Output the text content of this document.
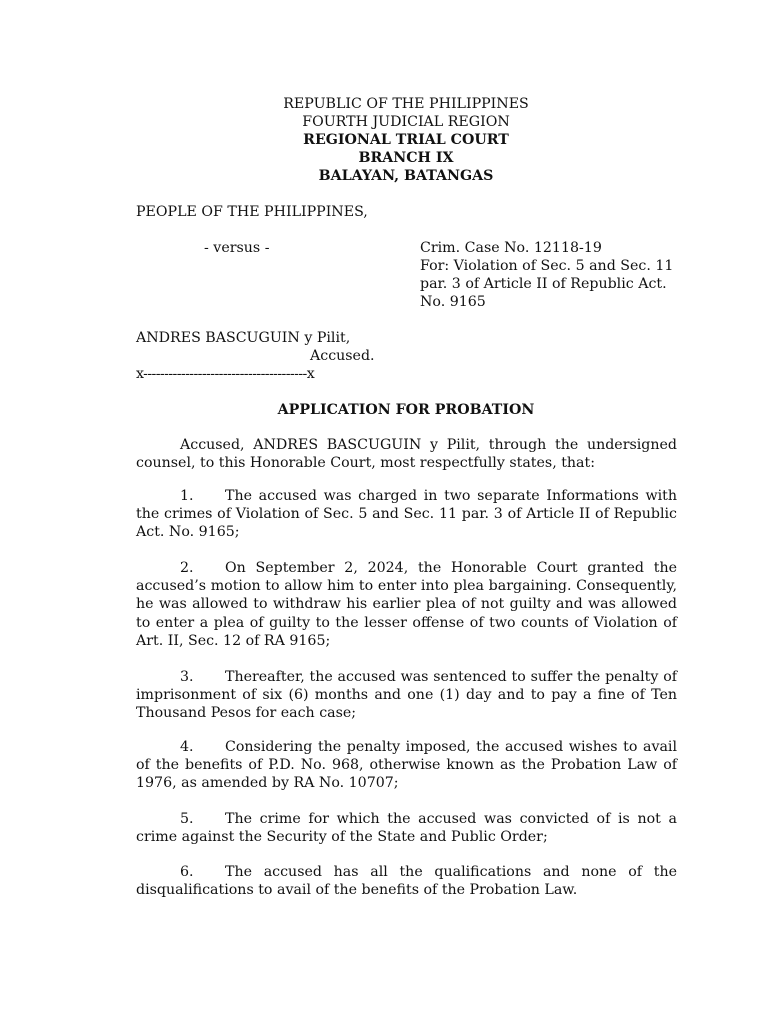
REPUBLIC OF THE PHILIPPINES
FOURTH JUDICIAL REGION
REGIONAL TRIAL COURT
BRANCH IX
BALAYAN, BATANGAS
PEOPLE OF THE PHILIPPINES,
- versus -	Crim. Case No. 12118-19
For: Violation of Sec. 5 and Sec. 11
par. 3 of Article II of Republic Act.
No. 9165
ANDRES BASCUGUIN y Pilit,
Accused.
x---------------------------------------x
APPLICATION FOR PROBATION

Accused, ANDRES BASCUGUIN y Pilit, through the undersigned counsel, to this Honorable Court, most respectfully states, that:

1. The accused was charged in two separate Informations with the crimes of Violation of Sec. 5 and Sec. 11 par. 3 of Article II of Republic Act. No. 9165;

2. On September 2, 2024, the Honorable Court granted the accused’s motion to allow him to enter into plea bargaining. Consequently, he was allowed to withdraw his earlier plea of not guilty and was allowed to enter a plea of guilty to the lesser offense of two counts of Violation of Art. II, Sec. 12 of RA 9165;

3. Thereafter, the accused was sentenced to suffer the penalty of imprisonment of six (6) months and one (1) day and to pay a fine of Ten Thousand Pesos for each case;

4. Considering the penalty imposed, the accused wishes to avail of the benefits of P.D. No. 968, otherwise known as the Probation Law of 1976, as amended by RA No. 10707;

5. The crime for which the accused was convicted of is not a crime against the Security of the State and Public Order;

6. The accused has all the qualifications and none of the disqualifications to avail of the benefits of the Probation Law.
